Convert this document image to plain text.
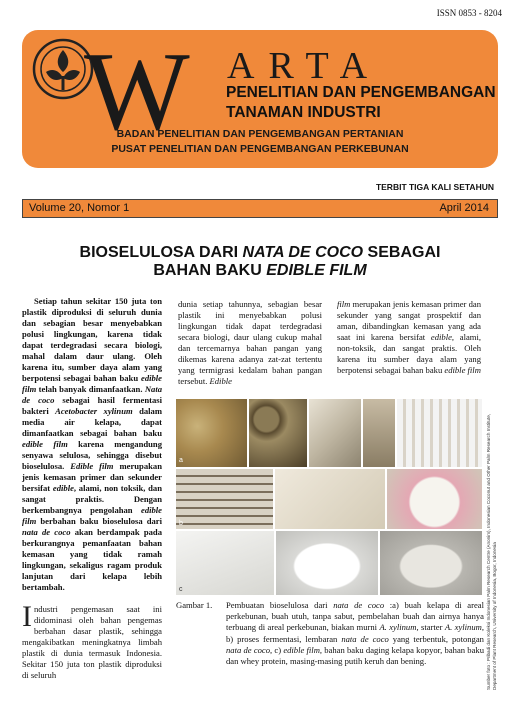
ISSN 0853 - 8204
W ARTA
PENELITIAN DAN PENGEMBANGAN
TANAMAN INDUSTRI
BADAN PENELITIAN DAN PENGEMBANGAN PERTANIAN
PUSAT PENELITIAN DAN PENGEMBANGAN PERKEBUNAN
TERBIT TIGA KALI SETAHUN
Volume 20, Nomor 1	April 2014
BIOSELULOSA DARI NATA DE COCO SEBAGAI
BAHAN BAKU EDIBLE FILM
Setiap tahun sekitar 150 juta ton plastik diproduksi di seluruh dunia dan sebagian besar menyebabkan polusi lingkungan, karena tidak dapat terdegradasi secara biologi, mahal dalam daur ulang. Oleh karena itu, sumber daya alam yang berpotensi sebagai bahan baku edible film telah banyak dimanfaatkan. Nata de coco sebagai hasil fermentasi bakteri Acetobacter xylinum dalam media air kelapa, dapat dimanfaatkan sebagai bahan baku edible film karena mengandung senyawa selulosa, sehingga disebut bioselulosa. Edible film merupakan jenis kemasan primer dan sekunder bersifat edible, alami, non toksik, dan sangat praktis. Dengan berkembangnya pengolahan edible film berbahan baku bioselulosa dari nata de coco akan berdampak pada berkurangnya pemanfaatan bahan kemasan yang tidak ramah lingkungan, sekaligus ragam produk lanjutan dari kelapa lebih bertambah.
dunia setiap tahunnya, sebagian besar plastik ini menyebabkan polusi lingkungan tidak dapat terdegradasi secara biologi, daur ulang cukup mahal dan tercemarnya bahan pangan yang dikemas karena adanya zat-zat tertentu yang termigrasi kedalam bahan pangan tersebut. Edible
film merupakan jenis kemasan primer dan sekunder yang sangat prospektif dan aman, dibandingkan kemasan yang ada saat ini karena bersifat edible, alami, non-toksik, dan sangat praktis. Oleh karena itu sumber daya alam yang berpotensi sebagai bahan baku edible film
Industri pengemasan saat ini didominasi oleh bahan pengemas berbahan dasar plastik, sehingga mengakibatkan meningkatnya limbah plastik di dunia termasuk Indonesia. Sekitar 150 juta ton plastik diproduksi di seluruh
b
c
a
Gambar 1.	Pembuatan bioselulosa dari nata de coco :a) buah kelapa di areal perkebunan, buah utuh, tanpa sabut, pembelahan buah dan airnya hanya terbuang di areal perkebunan, biakan murni A. xylinum, starter A. xylinum, b) proses fermentasi, lembaran nata de coco yang terbentuk, potongan nata de coco, c) edible film, bahan baku daging kelapa kopyor, bahan baku dan whey protein, masing-masing putih keruh dan bening.	Sumber foto : Pribadi dan Koleksi Indonesian Palm Research Centre (Anonim), Indonesian Coconut and Other Palm Research Institute, Department of Plant Research, University of Indonesia, Bogor, Indonesia
